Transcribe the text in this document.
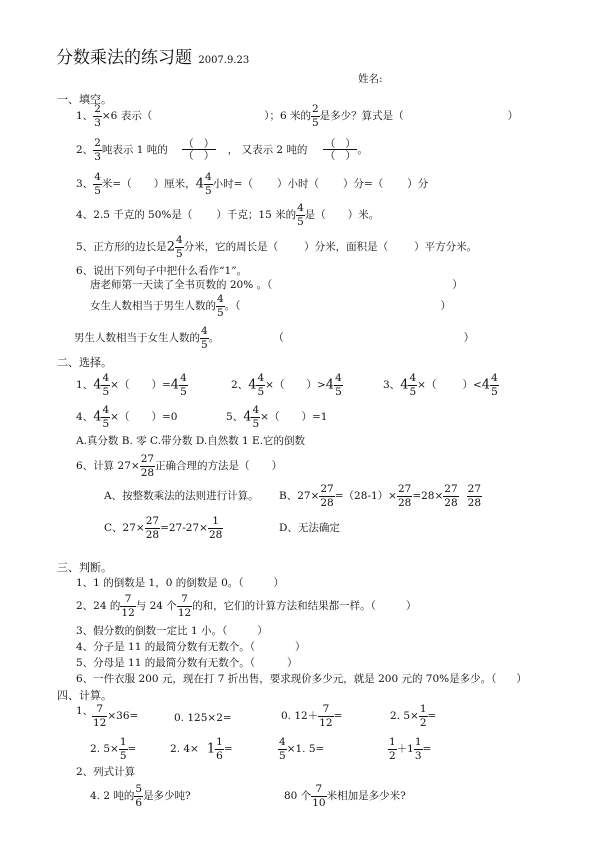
分数乘法的练习题 2007.9.23
姓名:
一、填空。
1、 $\frac{2}{3} \times 6$ 表示（	）；6 米的 $\frac{2}{5}$ 是多少？算式是（	）
2、 $\frac{2}{3}$ 吨表示 1 吨的
（   ）
（   ） ， 又表示 2 吨的
（   ）
（   ） 。
3、 $\frac{4}{5}$ 米=（ ）厘米，$4 \frac{4}{5}$ 小时=（ ）小时（ ）分=（ ）分
4、2.5 千克的 50%是（ ）千克；15 米的 $\frac{4}{5}$ 是（ ）米。
5、正方形的边长是$2 \frac{4}{5}$ 分米，它的周长是（ ）分米，面积是（ ）平方分米。
6、说出下列句子中把什么看作“1”。
唐老师第一天读了全书页数的 20% 。（	）
女生人数相当于男生人数的 $\frac{4}{5}$ 。（	）
男生人数相当于女生人数的 $\frac{4}{5}$ 。	（	）
二、选择。
1、$4 \frac{4}{5}$ ×（ ）$=4 \frac{4}{5}$	2、$4 \frac{4}{5}$ ×（ ）$>4 \frac{4}{5}$	3、$4 \frac{4}{5}$ ×（ ）$<4 \frac{4}{5}$
4、$4 \frac{4}{5}$ ×（ ）=0	5、$4 \frac{4}{5}$ ×（ ）=1
A.真分数 B. 零 C.带分数 D.自然数 1 E.它的倒数
6、计算 $27\times \frac{27}{28}$ 正确合理的方法是（ ）
A、按整数乘法的法则进行计算。 B、$27\times \frac{27}{28} =(28-1)\times \frac{27}{28} =28\times \frac{27}{28} \frac{27}{28}$
C、$27\times \frac{27}{28} =27-27\times \frac{1}{28}$	D、无法确定
三、判断。
1、1 的倒数是 1，0 的倒数是 0。（	）
2、24 的 $\frac{7}{12}$ 与 24 个 $\frac{7}{12}$ 的和，它们的计算方法和结果都一样。（	）
3、假分数的倒数一定比 1 小。（	）
4、分子是 11 的最简分数有无数个。（	）
5、分母是 11 的最简分数有无数个。（	）
6、一件衣服 200 元，现在打 7 折出售，要求现价多少元，就是 200 元的 70%是多少。（ ）
四、计算。
1、
$\frac{7}{12} \times 36=$	0. 125×2=	0. $12+ \frac{7}{12}$ =	2. $5\times \frac{1}{2}$ =
2. $5\times \frac{1}{5}$ =	2. $4\times 1 \frac{1}{6}$ =	$\frac{4}{5} \times 1$. 5=	$\frac{1}{2} +1 \frac{1}{3}$ =
2、列式计算
4. 2 吨的 $\frac{5}{6}$ 是多少吨?	80 个 $\frac{7}{10}$ 米相加是多少米?
